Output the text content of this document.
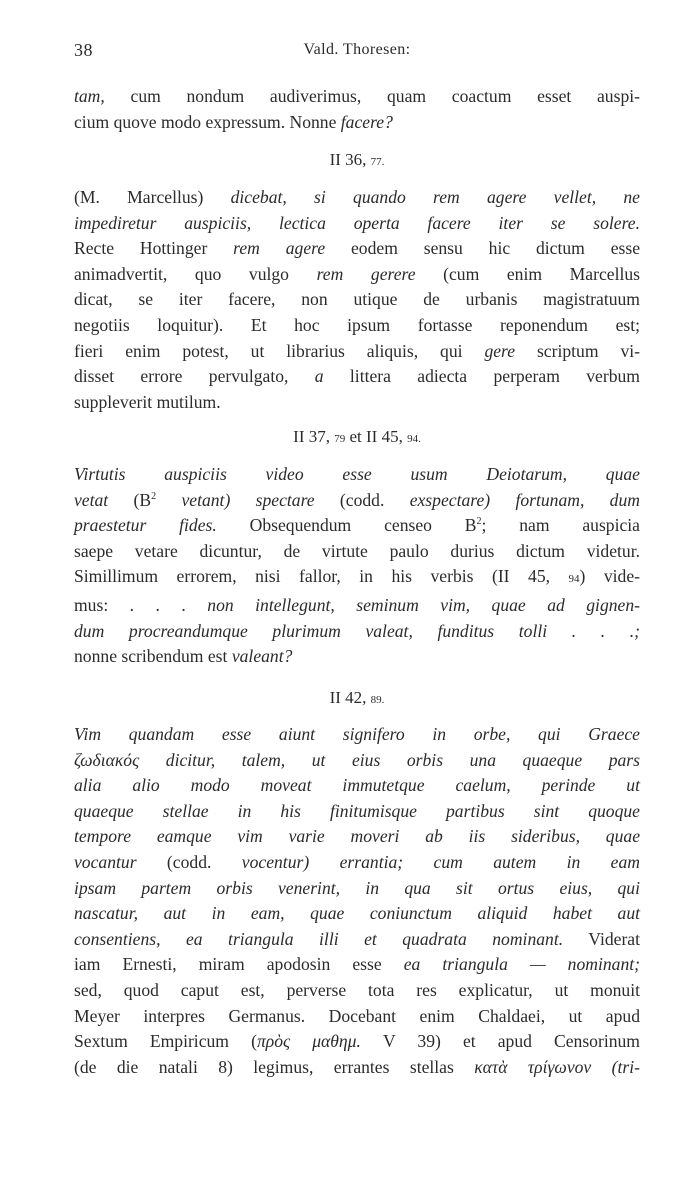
38	Vald. Thoresen:

tam, cum nondum audiverimus, quam coactum esset auspi-
cium quove modo expressum. Nonne facere?

II 36, 77.

(M. Marcellus) dicebat, si quando rem agere vellet, ne
impediretur auspiciis, lectica operta facere iter se solere.
Recte Hottinger rem agere eodem sensu hic dictum esse
animadvertit, quo vulgo rem gerere (cum enim Marcellus
dicat, se iter facere, non utique de urbanis magistratuum
negotiis loquitur). Et hoc ipsum fortasse reponendum est;
fieri enim potest, ut librarius aliquis, qui gere scriptum vi-
disset errore pervulgato, a littera adiecta perperam verbum
suppleverit mutilum.

II 37, 79 et II 45, 94.

Virtutis auspiciis video esse usum Deiotarum, quae
vetat ($B^2$ vetant) spectare (codd. exspectare) fortunam, dum
praestetur fides. Obsequendum censeo $B^2$; nam auspicia
saepe vetare dicuntur, de virtute paulo durius dictum videtur.
Simillimum errorem, nisi fallor, in his verbis (II 45, 94) vide-
mus: . . . non intellegunt, seminum vim, quae ad gignen-
dum procreandumque plurimum valeat, funditus tolli . . .;
nonne scribendum est valeant?

II 42, 89.

Vim quandam esse aiunt signifero in orbe, qui Graece
ζωδιακός dicitur, talem, ut eius orbis una quaeque pars
alia alio modo moveat immutetque caelum, perinde ut
quaeque stellae in his finitumisque partibus sint quoque
tempore eamque vim varie moveri ab iis sideribus, quae
vocantur (codd. vocentur) errantia; cum autem in eam
ipsam partem orbis venerint, in qua sit ortus eius, qui
nascatur, aut in eam, quae coniunctum aliquid habet aut
consentiens, ea triangula illi et quadrata nominant. Viderat
iam Ernesti, miram apodosin esse ea triangula — nominant;
sed, quod caput est, perverse tota res explicatur, ut monuit
Meyer interpres Germanus. Docebant enim Chaldaei, ut apud
Sextum Empiricum (πρὸς μαθημ. V 39) et apud Censorinum
(de die natali 8) legimus, errantes stellas κατὰ τρίγωνον (tri-
